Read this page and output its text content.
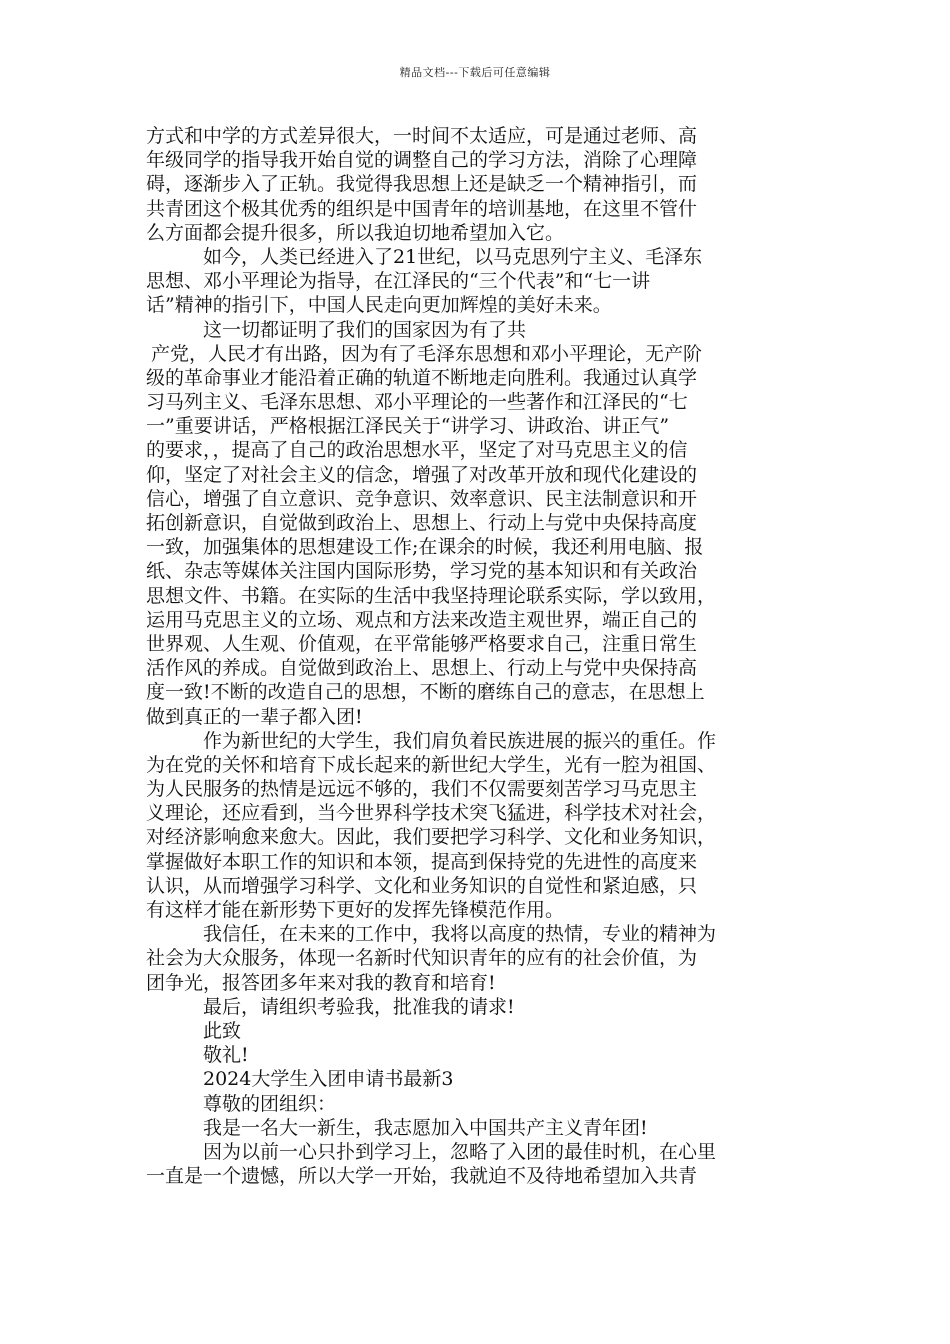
精品文档---下载后可任意编辑
方式和中学的方式差异很大，一时间不太适应，可是通过老师、高
年级同学的指导我开始自觉的调整自己的学习方法，消除了心理障
碍，逐渐步入了正轨。我觉得我思想上还是缺乏一个精神指引，而
共青团这个极其优秀的组织是中国青年的培训基地，在这里不管什
么方面都会提升很多，所以我迫切地希望加入它。
如今，人类已经进入了21世纪，以马克思列宁主义、毛泽东
思想、邓小平理论为指导，在江泽民的“三个代表”和“七一讲
话”精神的指引下，中国人民走向更加辉煌的美好未来。
这一切都证明了我们的国家因为有了共
产党，人民才有出路，因为有了毛泽东思想和邓小平理论，无产阶
级的革命事业才能沿着正确的轨道不断地走向胜利。我通过认真学
习马列主义、毛泽东思想、邓小平理论的一些著作和江泽民的“七
一”重要讲话，严格根据江泽民关于“讲学习、讲政治、讲正气”
的要求，，提高了自己的政治思想水平，坚定了对马克思主义的信
仰，坚定了对社会主义的信念，增强了对改革开放和现代化建设的
信心，增强了自立意识、竞争意识、效率意识、民主法制意识和开
拓创新意识，自觉做到政治上、思想上、行动上与党中央保持高度
一致，加强集体的思想建设工作;在课余的时候，我还利用电脑、报
纸、杂志等媒体关注国内国际形势，学习党的基本知识和有关政治
思想文件、书籍。在实际的生活中我坚持理论联系实际，学以致用，
运用马克思主义的立场、观点和方法来改造主观世界，端正自己的
世界观、人生观、价值观，在平常能够严格要求自己，注重日常生
活作风的养成。自觉做到政治上、思想上、行动上与党中央保持高
度一致!不断的改造自己的思想，不断的磨练自己的意志，在思想上
做到真正的一辈子都入团!
作为新世纪的大学生，我们肩负着民族进展的振兴的重任。作
为在党的关怀和培育下成长起来的新世纪大学生，光有一腔为祖国、
为人民服务的热情是远远不够的，我们不仅需要刻苦学习马克思主
义理论，还应看到，当今世界科学技术突飞猛进，科学技术对社会，
对经济影响愈来愈大。因此，我们要把学习科学、文化和业务知识，
掌握做好本职工作的知识和本领，提高到保持党的先进性的高度来
认识，从而增强学习科学、文化和业务知识的自觉性和紧迫感，只
有这样才能在新形势下更好的发挥先锋模范作用。
我信任，在未来的工作中，我将以高度的热情，专业的精神为
社会为大众服务，体现一名新时代知识青年的应有的社会价值，为
团争光，报答团多年来对我的教育和培育!
最后，请组织考验我，批准我的请求!
此致
敬礼!
2024大学生入团申请书最新3
尊敬的团组织：
我是一名大一新生，我志愿加入中国共产主义青年团!
因为以前一心只扑到学习上，忽略了入团的最佳时机，在心里
一直是一个遗憾，所以大学一开始，我就迫不及待地希望加入共青
